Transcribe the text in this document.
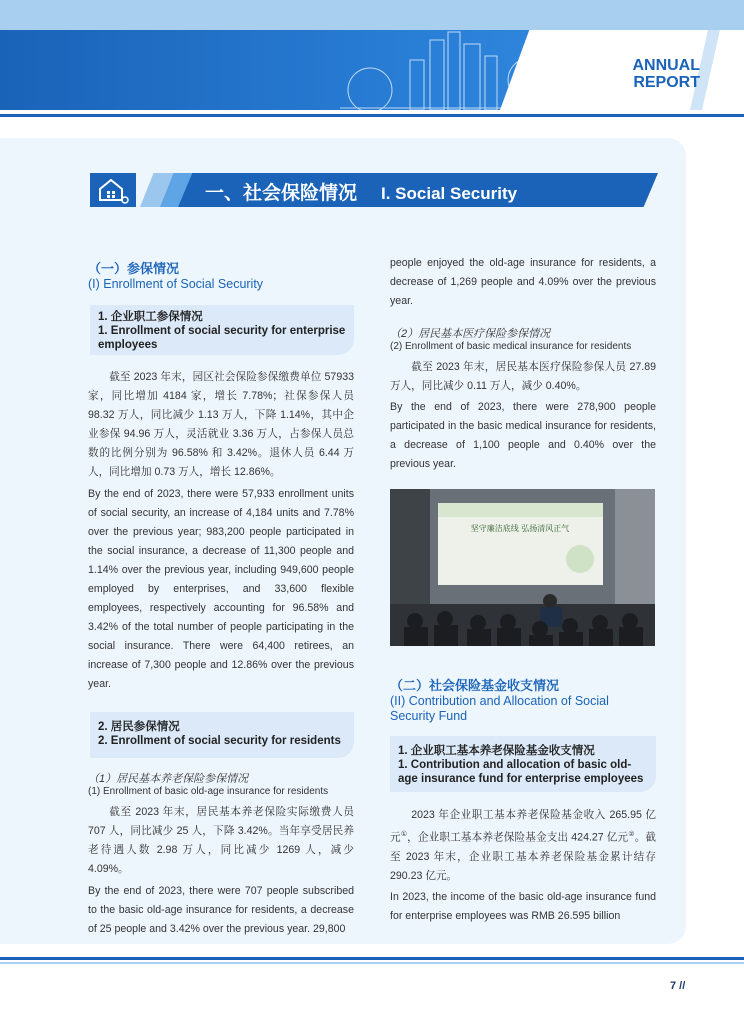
ANNUAL
REPORT
一、社会保险情况 I. Social Security
（一）参保情况
(I) Enrollment of Social Security
1. 企业职工参保情况
1. Enrollment of social security for enterprise employees

截至 2023 年末，园区社会保险参保缴费单位 57933 家，同比增加 4184 家，增长 7.78%；社保参保人员 98.32 万人，同比减少 1.13 万人，下降 1.14%，其中企业参保 94.96 万人，灵活就业 3.36 万人，占参保人员总数的比例分别为 96.58% 和 3.42%。退休人员 6.44 万人，同比增加 0.73 万人，增长 12.86%。

By the end of 2023, there were 57,933 enrollment units of social security, an increase of 4,184 units and 7.78% over the previous year; 983,200 people participated in the social insurance, a decrease of 11,300 people and 1.14% over the previous year, including 949,600 people employed by enterprises, and 33,600 flexible employees, respectively accounting for 96.58% and 3.42% of the total number of people participating in the social insurance. There were 64,400 retirees, an increase of 7,300 people and 12.86% over the previous year.

2. 居民参保情况
2. Enrollment of social security for residents
（1）居民基本养老保险参保情况
(1) Enrollment of basic old-age insurance for residents

截至 2023 年末，居民基本养老保险实际缴费人员 707 人，同比减少 25 人，下降 3.42%。当年享受居民养老待遇人数 2.98 万人，同比减少 1269 人，减少 4.09%。

By the end of 2023, there were 707 people subscribed to the basic old-age insurance for residents, a decrease of 25 people and 3.42% over the previous year. 29,800

people enjoyed the old-age insurance for residents, a decrease of 1,269 people and 4.09% over the previous year.

（2）居民基本医疗保险参保情况
(2) Enrollment of basic medical insurance for residents

截至 2023 年末，居民基本医疗保险参保人员 27.89 万人，同比减少 0.11 万人，减少 0.40%。

By the end of 2023, there were 278,900 people participated in the basic medical insurance for residents, a decrease of 1,100 people and 0.40% over the previous year.

坚守廉洁底线 弘扬清风正气
（二）社会保险基金收支情况
(II) Contribution and Allocation of Social Security Fund
1. 企业职工基本养老保险基金收支情况
1. Contribution and allocation of basic old-age insurance fund for enterprise employees

2023 年企业职工基本养老保险基金收入 265.95 亿元①，企业职工基本养老保险基金支出 424.27 亿元②。截至 2023 年末，企业职工基本养老保险基金累计结存 290.23 亿元。

In 2023, the income of the basic old-age insurance fund for enterprise employees was RMB 26.595 billion

7 //
